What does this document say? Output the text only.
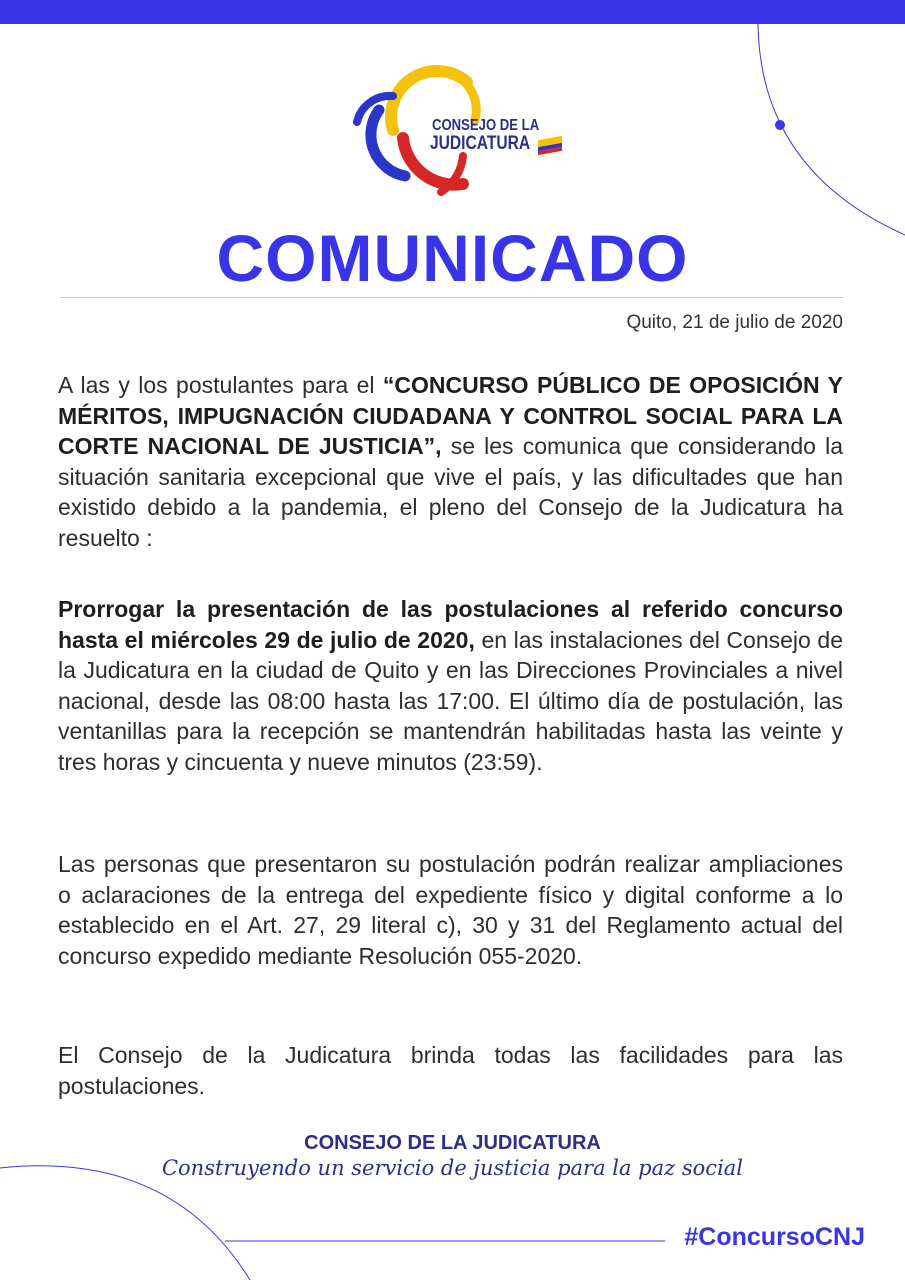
CONSEJO DE LA
JUDICATURA
COMUNICADO
Quito, 21 de julio de 2020

A las y los postulantes para el “CONCURSO PÚBLICO DE OPOSICIÓN Y MÉRITOS, IMPUGNACIÓN CIUDADANA Y CONTROL SOCIAL PARA LA CORTE NACIONAL DE JUSTICIA”, se les comunica que considerando la situación sanitaria excepcional que vive el país, y las dificultades que han existido debido a la pandemia, el pleno del Consejo de la Judicatura ha resuelto :

Prorrogar la presentación de las postulaciones al referido concurso hasta el miércoles 29 de julio de 2020, en las instalaciones del Consejo de la Judicatura en la ciudad de Quito y en las Direcciones Provinciales a nivel nacional, desde las 08:00 hasta las 17:00. El último día de postulación, las ventanillas para la recepción se mantendrán habilitadas hasta las veinte y tres horas y cincuenta y nueve minutos (23:59).

Las personas que presentaron su postulación podrán realizar ampliaciones o aclaraciones de la entrega del expediente físico y digital conforme a lo establecido en el Art. 27, 29 literal c), 30 y 31 del Reglamento actual del concurso expedido mediante Resolución 055-2020.

El Consejo de la Judicatura brinda todas las facilidades para las postulaciones.

CONSEJO DE LA JUDICATURA
Construyendo un servicio de justicia para la paz social
#ConcursoCNJ
